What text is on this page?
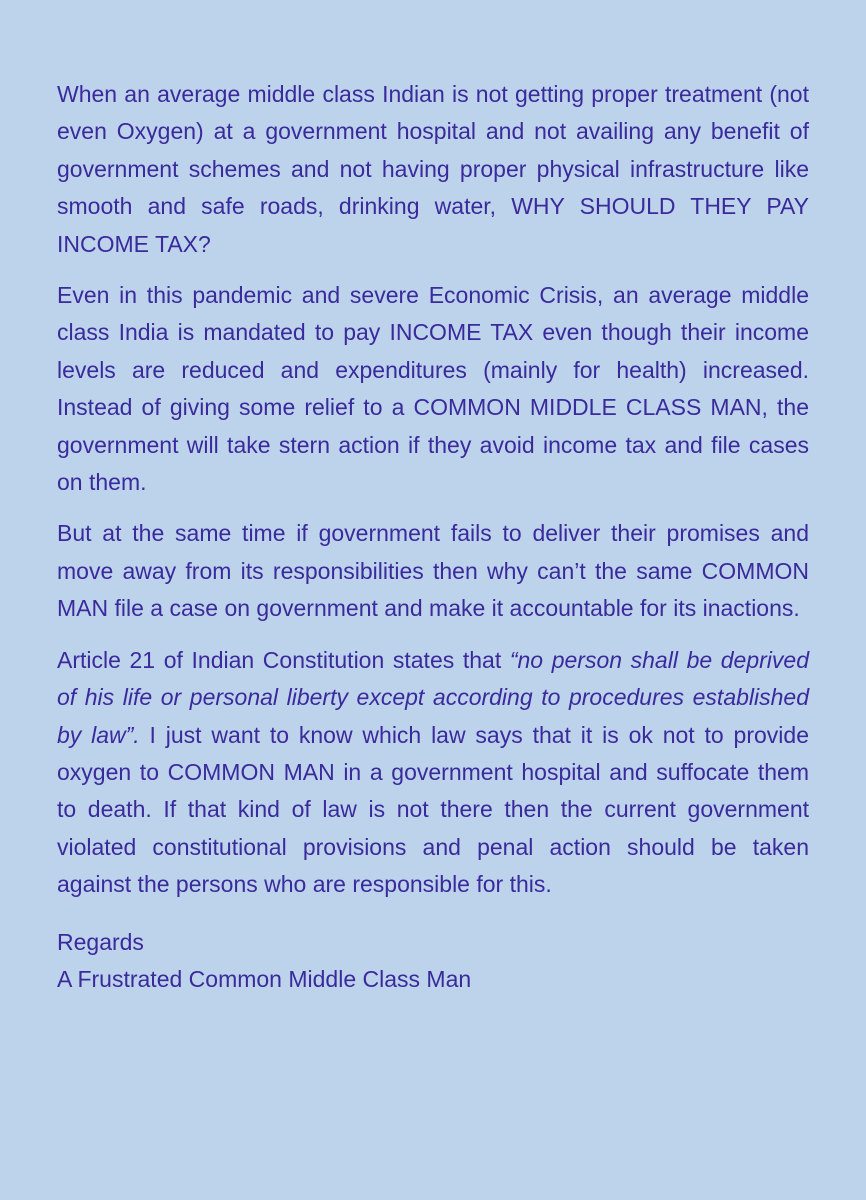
When an average middle class Indian is not getting proper treatment (not even Oxygen) at a government hospital and not availing any benefit of government schemes and not having proper physical infrastructure like smooth and safe roads, drinking water, WHY SHOULD THEY PAY INCOME TAX?

Even in this pandemic and severe Economic Crisis, an average middle class India is mandated to pay INCOME TAX even though their income levels are reduced and expenditures (mainly for health) increased. Instead of giving some relief to a COMMON MIDDLE CLASS MAN, the government will take stern action if they avoid income tax and file cases on them.

But at the same time if government fails to deliver their promises and move away from its responsibilities then why can’t the same COMMON MAN file a case on government and make it accountable for its inactions.

Article 21 of Indian Constitution states that “no person shall be deprived of his life or personal liberty except according to procedures established by law”. I just want to know which law says that it is ok not to provide oxygen to COMMON MAN in a government hospital and suffocate them to death. If that kind of law is not there then the current government violated constitutional provisions and penal action should be taken against the persons who are responsible for this.

Regards
A Frustrated Common Middle Class Man
